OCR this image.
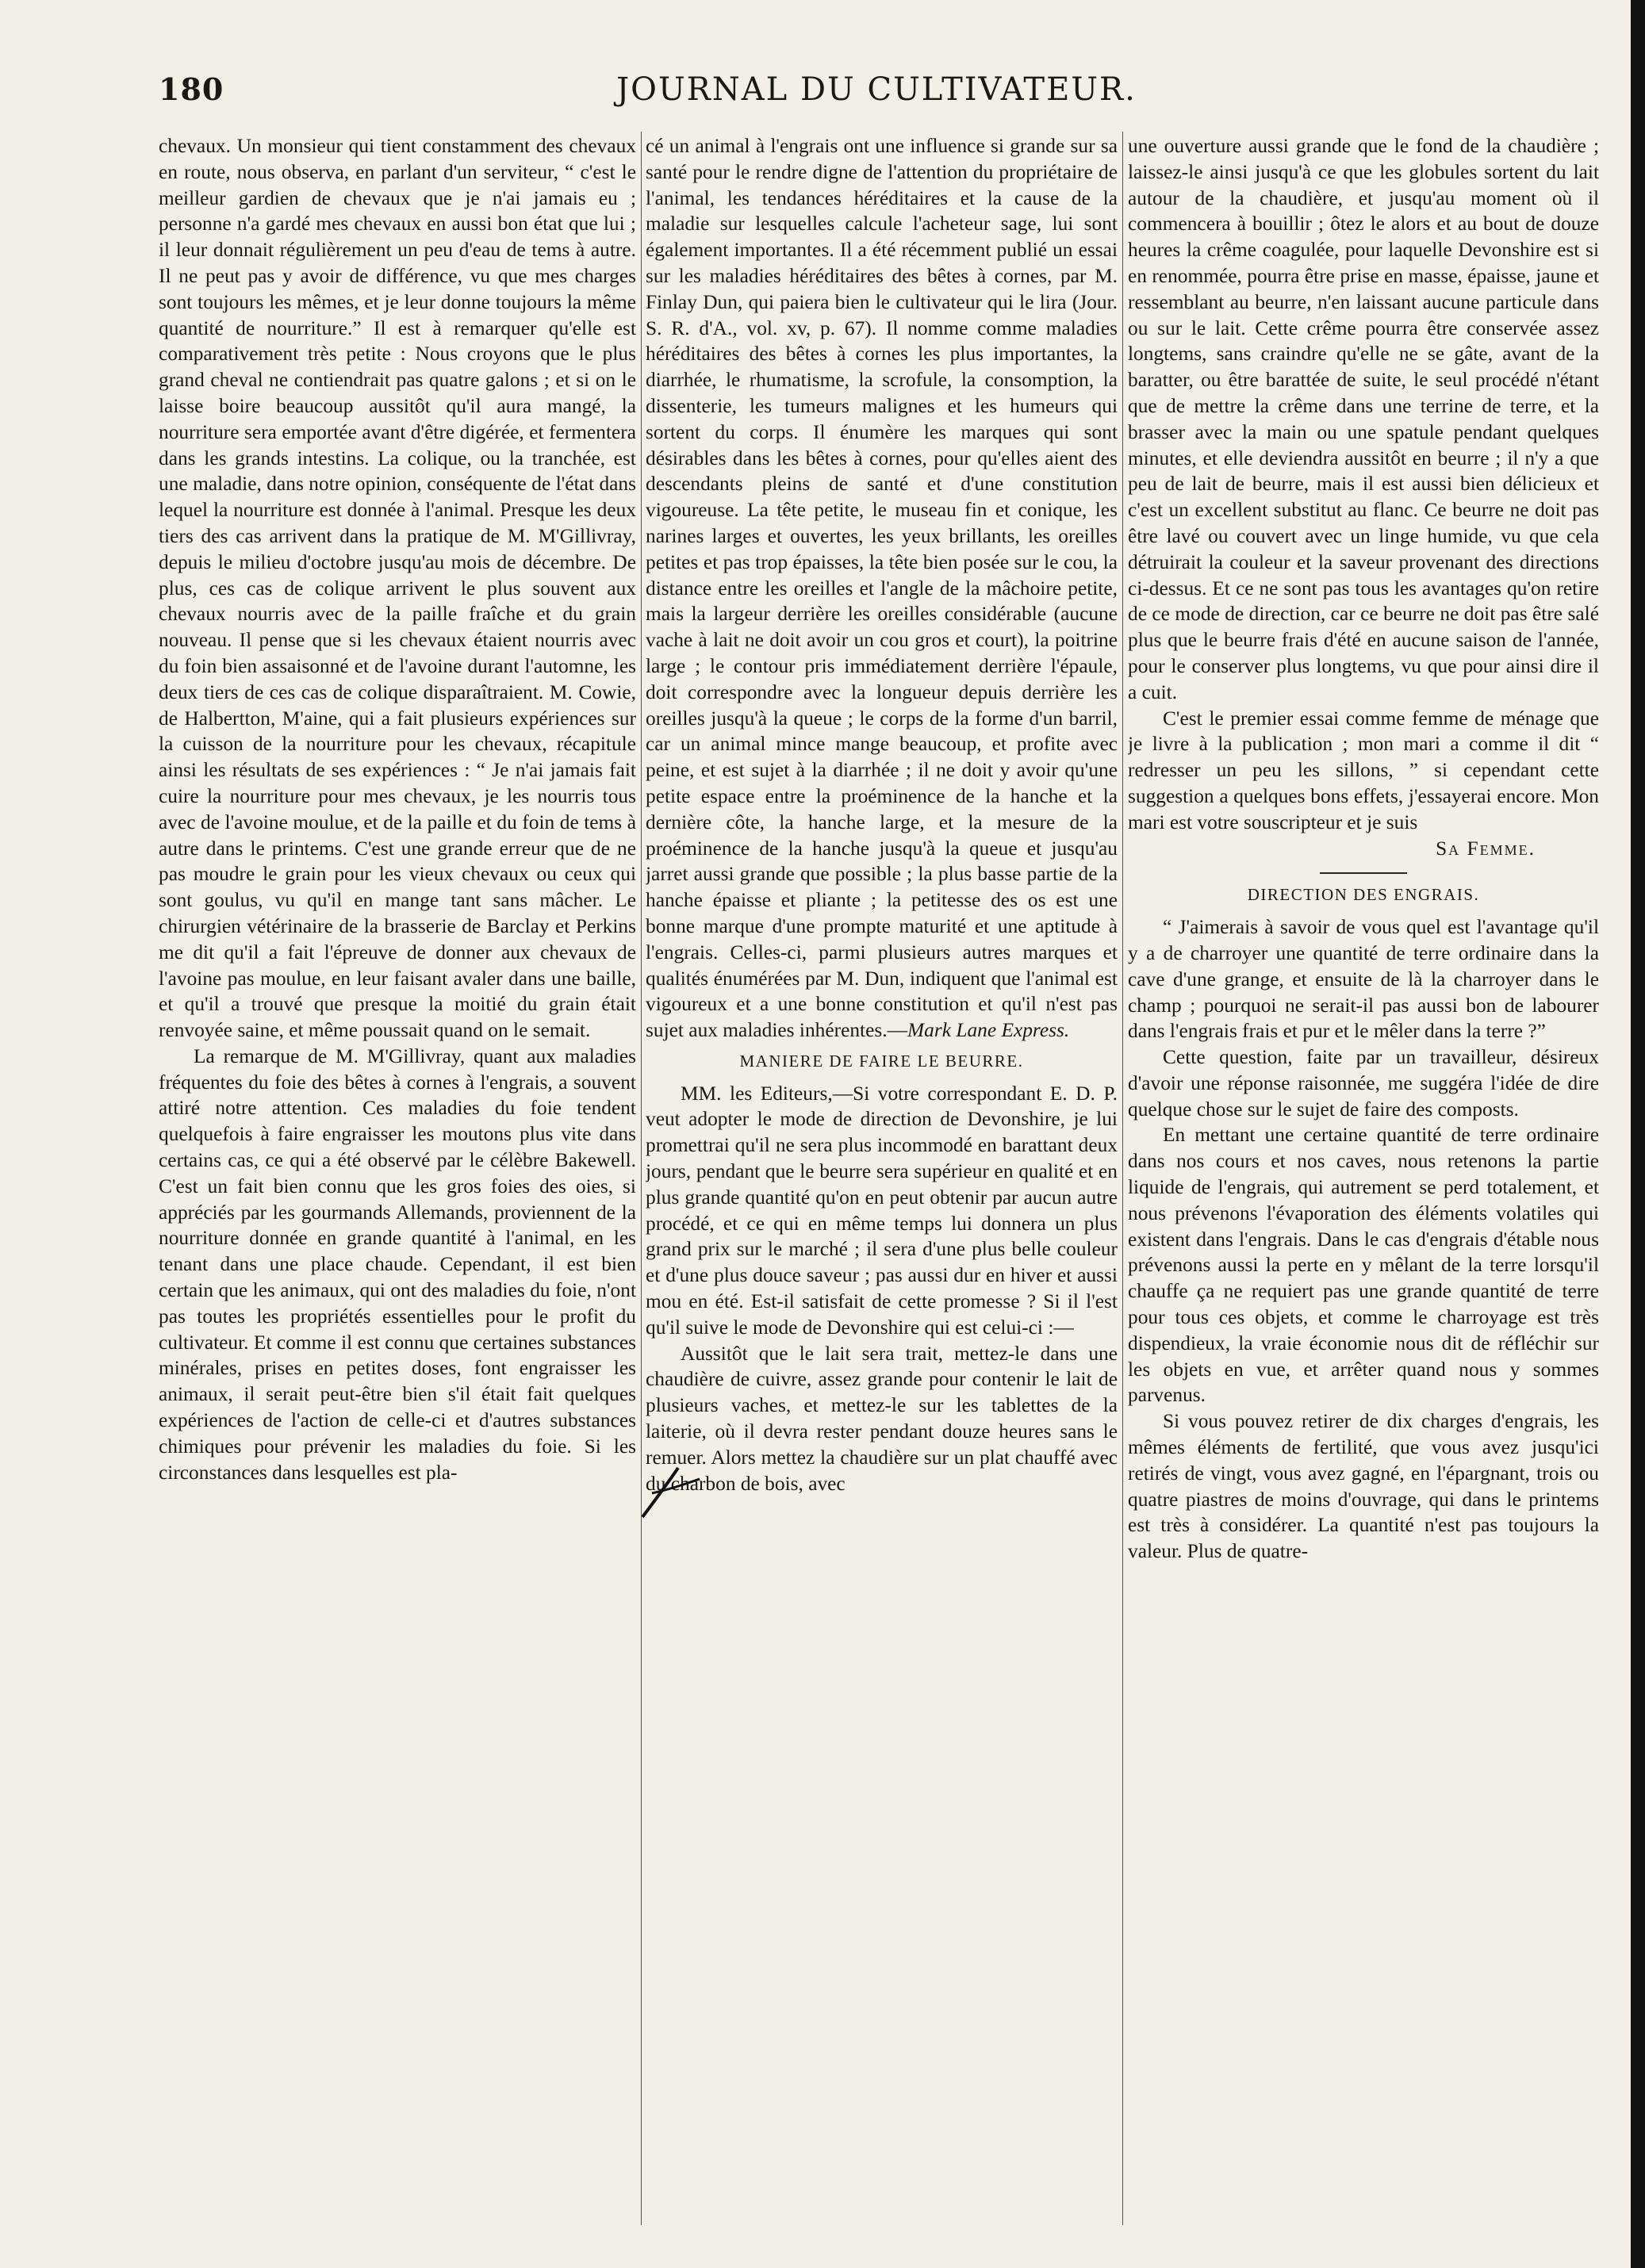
180	JOURNAL DU CULTIVATEUR.

chevaux. Un monsieur qui tient constamment des chevaux en route, nous observa, en parlant d'un serviteur, “ c'est le meilleur gardien de chevaux que je n'ai jamais eu ; personne n'a gardé mes chevaux en aussi bon état que lui ; il leur donnait régulièrement un peu d'eau de tems à autre. Il ne peut pas y avoir de différence, vu que mes charges sont toujours les mêmes, et je leur donne toujours la même quantité de nourriture.” Il est à remarquer qu'elle est comparativement très petite : Nous croyons que le plus grand cheval ne contiendrait pas quatre galons ; et si on le laisse boire beaucoup aussitôt qu'il aura mangé, la nourriture sera emportée avant d'être digérée, et fermentera dans les grands intestins. La colique, ou la tranchée, est une maladie, dans notre opinion, conséquente de l'état dans lequel la nourriture est donnée à l'animal. Presque les deux tiers des cas arrivent dans la pratique de M. M'Gillivray, depuis le milieu d'octobre jusqu'au mois de décembre. De plus, ces cas de colique arrivent le plus souvent aux chevaux nourris avec de la paille fraîche et du grain nouveau. Il pense que si les chevaux étaient nourris avec du foin bien assaisonné et de l'avoine durant l'automne, les deux tiers de ces cas de colique disparaîtraient. M. Cowie, de Halbertton, M'aine, qui a fait plusieurs expériences sur la cuisson de la nourriture pour les chevaux, récapitule ainsi les résultats de ses expériences : “ Je n'ai jamais fait cuire la nourriture pour mes chevaux, je les nourris tous avec de l'avoine moulue, et de la paille et du foin de tems à autre dans le printems. C'est une grande erreur que de ne pas moudre le grain pour les vieux chevaux ou ceux qui sont goulus, vu qu'il en mange tant sans mâcher. Le chirurgien vétérinaire de la brasserie de Barclay et Perkins me dit qu'il a fait l'épreuve de donner aux chevaux de l'avoine pas moulue, en leur faisant avaler dans une baille, et qu'il a trouvé que presque la moitié du grain était renvoyée saine, et même poussait quand on le semait.

La remarque de M. M'Gillivray, quant aux maladies fréquentes du foie des bêtes à cornes à l'engrais, a souvent attiré notre attention. Ces maladies du foie tendent quelquefois à faire engraisser les moutons plus vite dans certains cas, ce qui a été observé par le célèbre Bakewell. C'est un fait bien connu que les gros foies des oies, si appréciés par les gourmands Allemands, proviennent de la nourriture donnée en grande quantité à l'animal, en les tenant dans une place chaude. Cependant, il est bien certain que les animaux, qui ont des maladies du foie, n'ont pas toutes les propriétés essentielles pour le profit du cultivateur. Et comme il est connu que certaines substances minérales, prises en petites doses, font engraisser les animaux, il serait peut-être bien s'il était fait quelques expériences de l'action de celle-ci et d'autres substances chimiques pour prévenir les maladies du foie. Si les circonstances dans lesquelles est pla-

cé un animal à l'engrais ont une influence si grande sur sa santé pour le rendre digne de l'attention du propriétaire de l'animal, les tendances héréditaires et la cause de la maladie sur lesquelles calcule l'acheteur sage, lui sont également importantes. Il a été récemment publié un essai sur les maladies héréditaires des bêtes à cornes, par M. Finlay Dun, qui paiera bien le cultivateur qui le lira (Jour. S. R. d'A., vol. xv, p. 67). Il nomme comme maladies héréditaires des bêtes à cornes les plus importantes, la diarrhée, le rhumatisme, la scrofule, la consomption, la dissenterie, les tumeurs malignes et les humeurs qui sortent du corps. Il énumère les marques qui sont désirables dans les bêtes à cornes, pour qu'elles aient des descendants pleins de santé et d'une constitution vigoureuse. La tête petite, le museau fin et conique, les narines larges et ouvertes, les yeux brillants, les oreilles petites et pas trop épaisses, la tête bien posée sur le cou, la distance entre les oreilles et l'angle de la mâchoire petite, mais la largeur derrière les oreilles considérable (aucune vache à lait ne doit avoir un cou gros et court), la poitrine large ; le contour pris immédiatement derrière l'épaule, doit correspondre avec la longueur depuis derrière les oreilles jusqu'à la queue ; le corps de la forme d'un barril, car un animal mince mange beaucoup, et profite avec peine, et est sujet à la diarrhée ; il ne doit y avoir qu'une petite espace entre la proéminence de la hanche et la dernière côte, la hanche large, et la mesure de la proéminence de la hanche jusqu'à la queue et jusqu'au jarret aussi grande que possible ; la plus basse partie de la hanche épaisse et pliante ; la petitesse des os est une bonne marque d'une prompte maturité et une aptitude à l'engrais. Celles-ci, parmi plusieurs autres marques et qualités énumérées par M. Dun, indiquent que l'animal est vigoureux et a une bonne constitution et qu'il n'est pas sujet aux maladies inhérentes.—Mark Lane Express.

MANIERE DE FAIRE LE BEURRE.

MM. les Editeurs,—Si votre correspondant E. D. P. veut adopter le mode de direction de Devonshire, je lui promettrai qu'il ne sera plus incommodé en barattant deux jours, pendant que le beurre sera supérieur en qualité et en plus grande quantité qu'on en peut obtenir par aucun autre procédé, et ce qui en même temps lui donnera un plus grand prix sur le marché ; il sera d'une plus belle couleur et d'une plus douce saveur ; pas aussi dur en hiver et aussi mou en été. Est-il satisfait de cette promesse ? Si il l'est qu'il suive le mode de Devonshire qui est celui-ci :—

Aussitôt que le lait sera trait, mettez-le dans une chaudière de cuivre, assez grande pour contenir le lait de plusieurs vaches, et mettez-le sur les tablettes de la laiterie, où il devra rester pendant douze heures sans le remuer. Alors mettez la chaudière sur un plat chauffé avec du charbon de bois, avec

une ouverture aussi grande que le fond de la chaudière ; laissez-le ainsi jusqu'à ce que les globules sortent du lait autour de la chaudière, et jusqu'au moment où il commencera à bouillir ; ôtez le alors et au bout de douze heures la crême coagulée, pour laquelle Devonshire est si en renommée, pourra être prise en masse, épaisse, jaune et ressemblant au beurre, n'en laissant aucune particule dans ou sur le lait. Cette crême pourra être conservée assez longtems, sans craindre qu'elle ne se gâte, avant de la baratter, ou être barattée de suite, le seul procédé n'étant que de mettre la crême dans une terrine de terre, et la brasser avec la main ou une spatule pendant quelques minutes, et elle deviendra aussitôt en beurre ; il n'y a que peu de lait de beurre, mais il est aussi bien délicieux et c'est un excellent substitut au flanc. Ce beurre ne doit pas être lavé ou couvert avec un linge humide, vu que cela détruirait la couleur et la saveur provenant des directions ci-dessus. Et ce ne sont pas tous les avantages qu'on retire de ce mode de direction, car ce beurre ne doit pas être salé plus que le beurre frais d'été en aucune saison de l'année, pour le conserver plus longtems, vu que pour ainsi dire il a cuit.

C'est le premier essai comme femme de ménage que je livre à la publication ; mon mari a comme il dit “ redresser un peu les sillons, ” si cependant cette suggestion a quelques bons effets, j'essayerai encore. Mon mari est votre souscripteur et je suis

Sa Femme.

DIRECTION DES ENGRAIS.

“ J'aimerais à savoir de vous quel est l'avantage qu'il y a de charroyer une quantité de terre ordinaire dans la cave d'une grange, et ensuite de là la charroyer dans le champ ; pourquoi ne serait-il pas aussi bon de labourer dans l'engrais frais et pur et le mêler dans la terre ?”

Cette question, faite par un travailleur, désireux d'avoir une réponse raisonnée, me suggéra l'idée de dire quelque chose sur le sujet de faire des composts.

En mettant une certaine quantité de terre ordinaire dans nos cours et nos caves, nous retenons la partie liquide de l'engrais, qui autrement se perd totalement, et nous prévenons l'évaporation des éléments volatiles qui existent dans l'engrais. Dans le cas d'engrais d'étable nous prévenons aussi la perte en y mêlant de la terre lorsqu'il chauffe ça ne requiert pas une grande quantité de terre pour tous ces objets, et comme le charroyage est très dispendieux, la vraie économie nous dit de réfléchir sur les objets en vue, et arrêter quand nous y sommes parvenus.

Si vous pouvez retirer de dix charges d'engrais, les mêmes éléments de fertilité, que vous avez jusqu'ici retirés de vingt, vous avez gagné, en l'épargnant, trois ou quatre piastres de moins d'ouvrage, qui dans le printems est très à considérer. La quantité n'est pas toujours la valeur. Plus de quatre-
